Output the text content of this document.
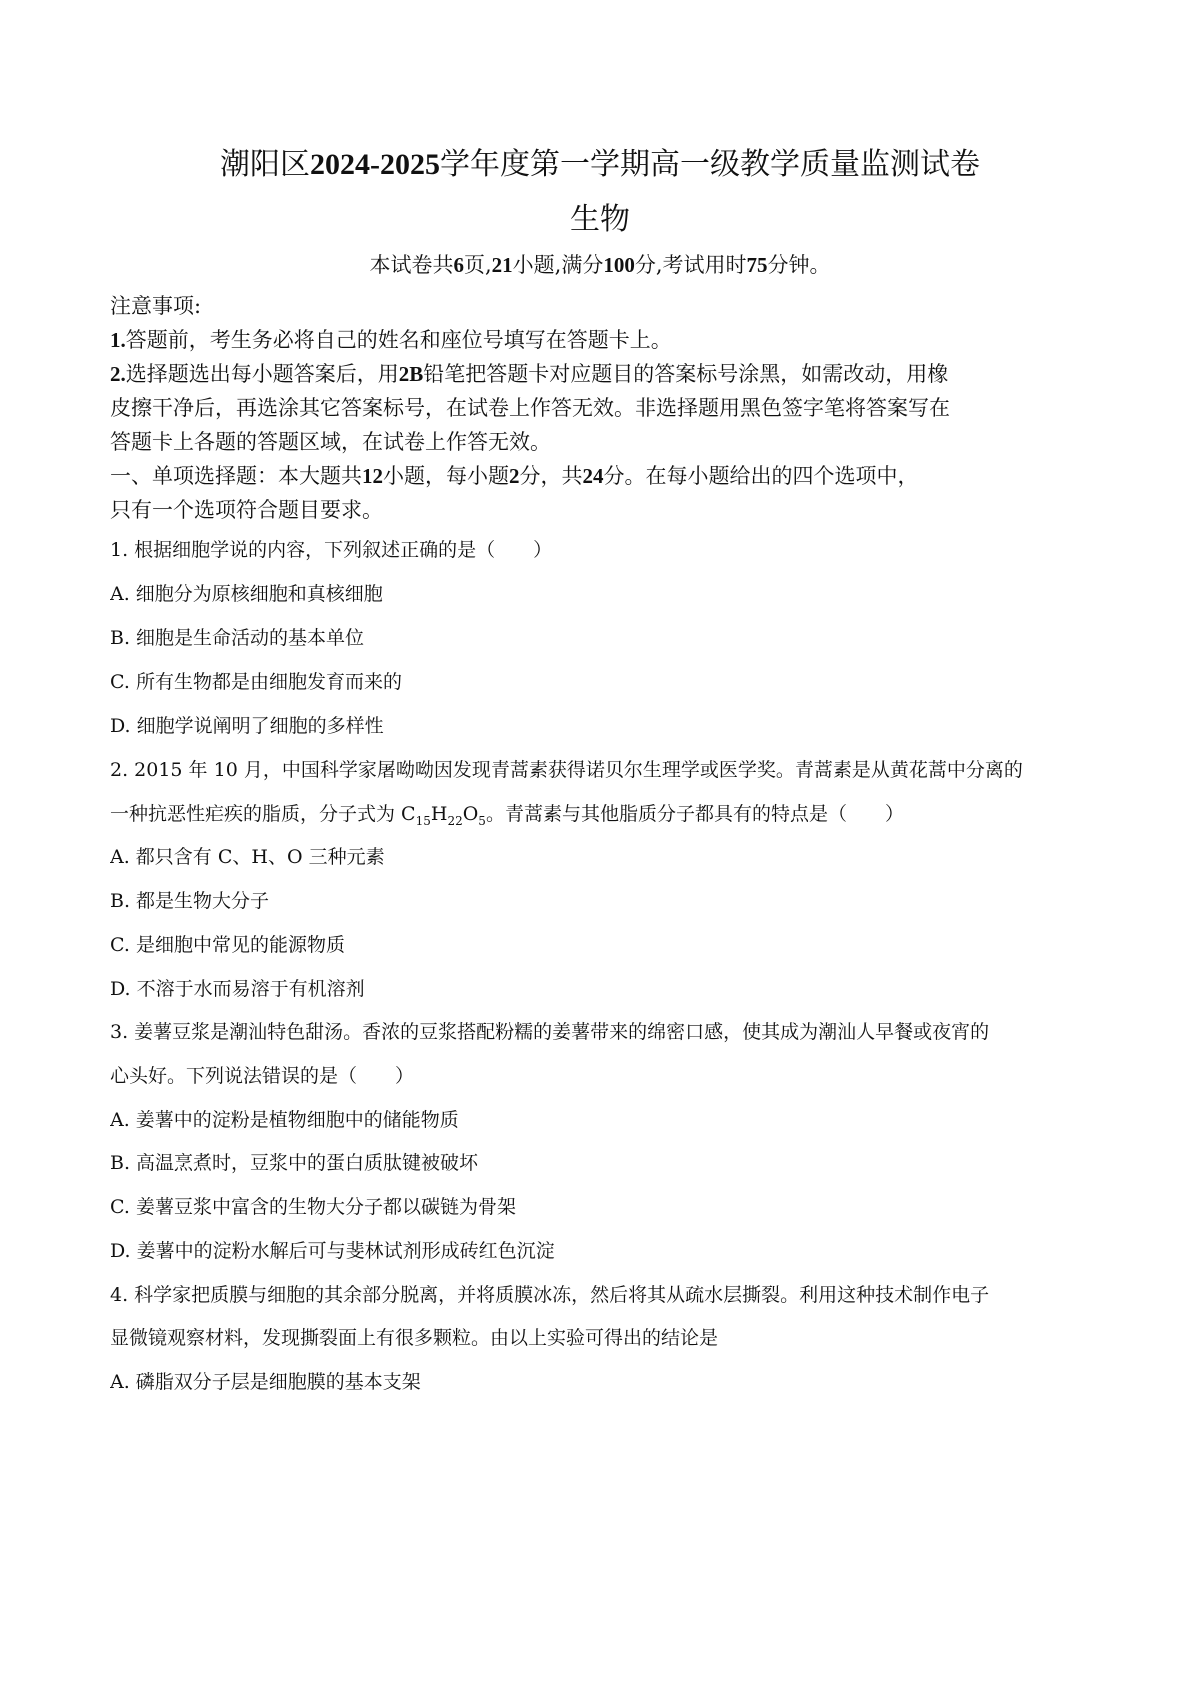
潮阳区2024-2025学年度第一学期高一级教学质量监测试卷
生物
本试卷共6页,21小题,满分100分,考试用时75分钟。
注意事项:
1.答题前，考生务必将自己的姓名和座位号填写在答题卡上。
2.选择题选出每小题答案后，用2B铅笔把答题卡对应题目的答案标号涂黑，如需改动，用橡
皮擦干净后，再选涂其它答案标号，在试卷上作答无效。非选择题用黑色签字笔将答案写在
答题卡上各题的答题区域，在试卷上作答无效。
一、单项选择题：本大题共12小题，每小题2分，共24分。在每小题给出的四个选项中，
只有一个选项符合题目要求。
1. 根据细胞学说的内容，下列叙述正确的是（　　）
A. 细胞分为原核细胞和真核细胞
B. 细胞是生命活动的基本单位
C. 所有生物都是由细胞发育而来的
D. 细胞学说阐明了细胞的多样性
2. 2015 年 10 月，中国科学家屠呦呦因发现青蒿素获得诺贝尔生理学或医学奖。青蒿素是从黄花蒿中分离的
一种抗恶性疟疾的脂质，分子式为 $C_{15}H_{22}O_5$。青蒿素与其他脂质分子都具有的特点是（　　）
A. 都只含有 C、H、O 三种元素
B. 都是生物大分子
C. 是细胞中常见的能源物质
D. 不溶于水而易溶于有机溶剂
3. 姜薯豆浆是潮汕特色甜汤。香浓的豆浆搭配粉糯的姜薯带来的绵密口感，使其成为潮汕人早餐或夜宵的
心头好。下列说法错误的是（　　）
A. 姜薯中的淀粉是植物细胞中的储能物质
B. 高温烹煮时，豆浆中的蛋白质肽键被破坏
C. 姜薯豆浆中富含的生物大分子都以碳链为骨架
D. 姜薯中的淀粉水解后可与斐林试剂形成砖红色沉淀
4. 科学家把质膜与细胞的其余部分脱离，并将质膜冰冻，然后将其从疏水层撕裂。利用这种技术制作电子
显微镜观察材料，发现撕裂面上有很多颗粒。由以上实验可得出的结论是
A. 磷脂双分子层是细胞膜的基本支架
